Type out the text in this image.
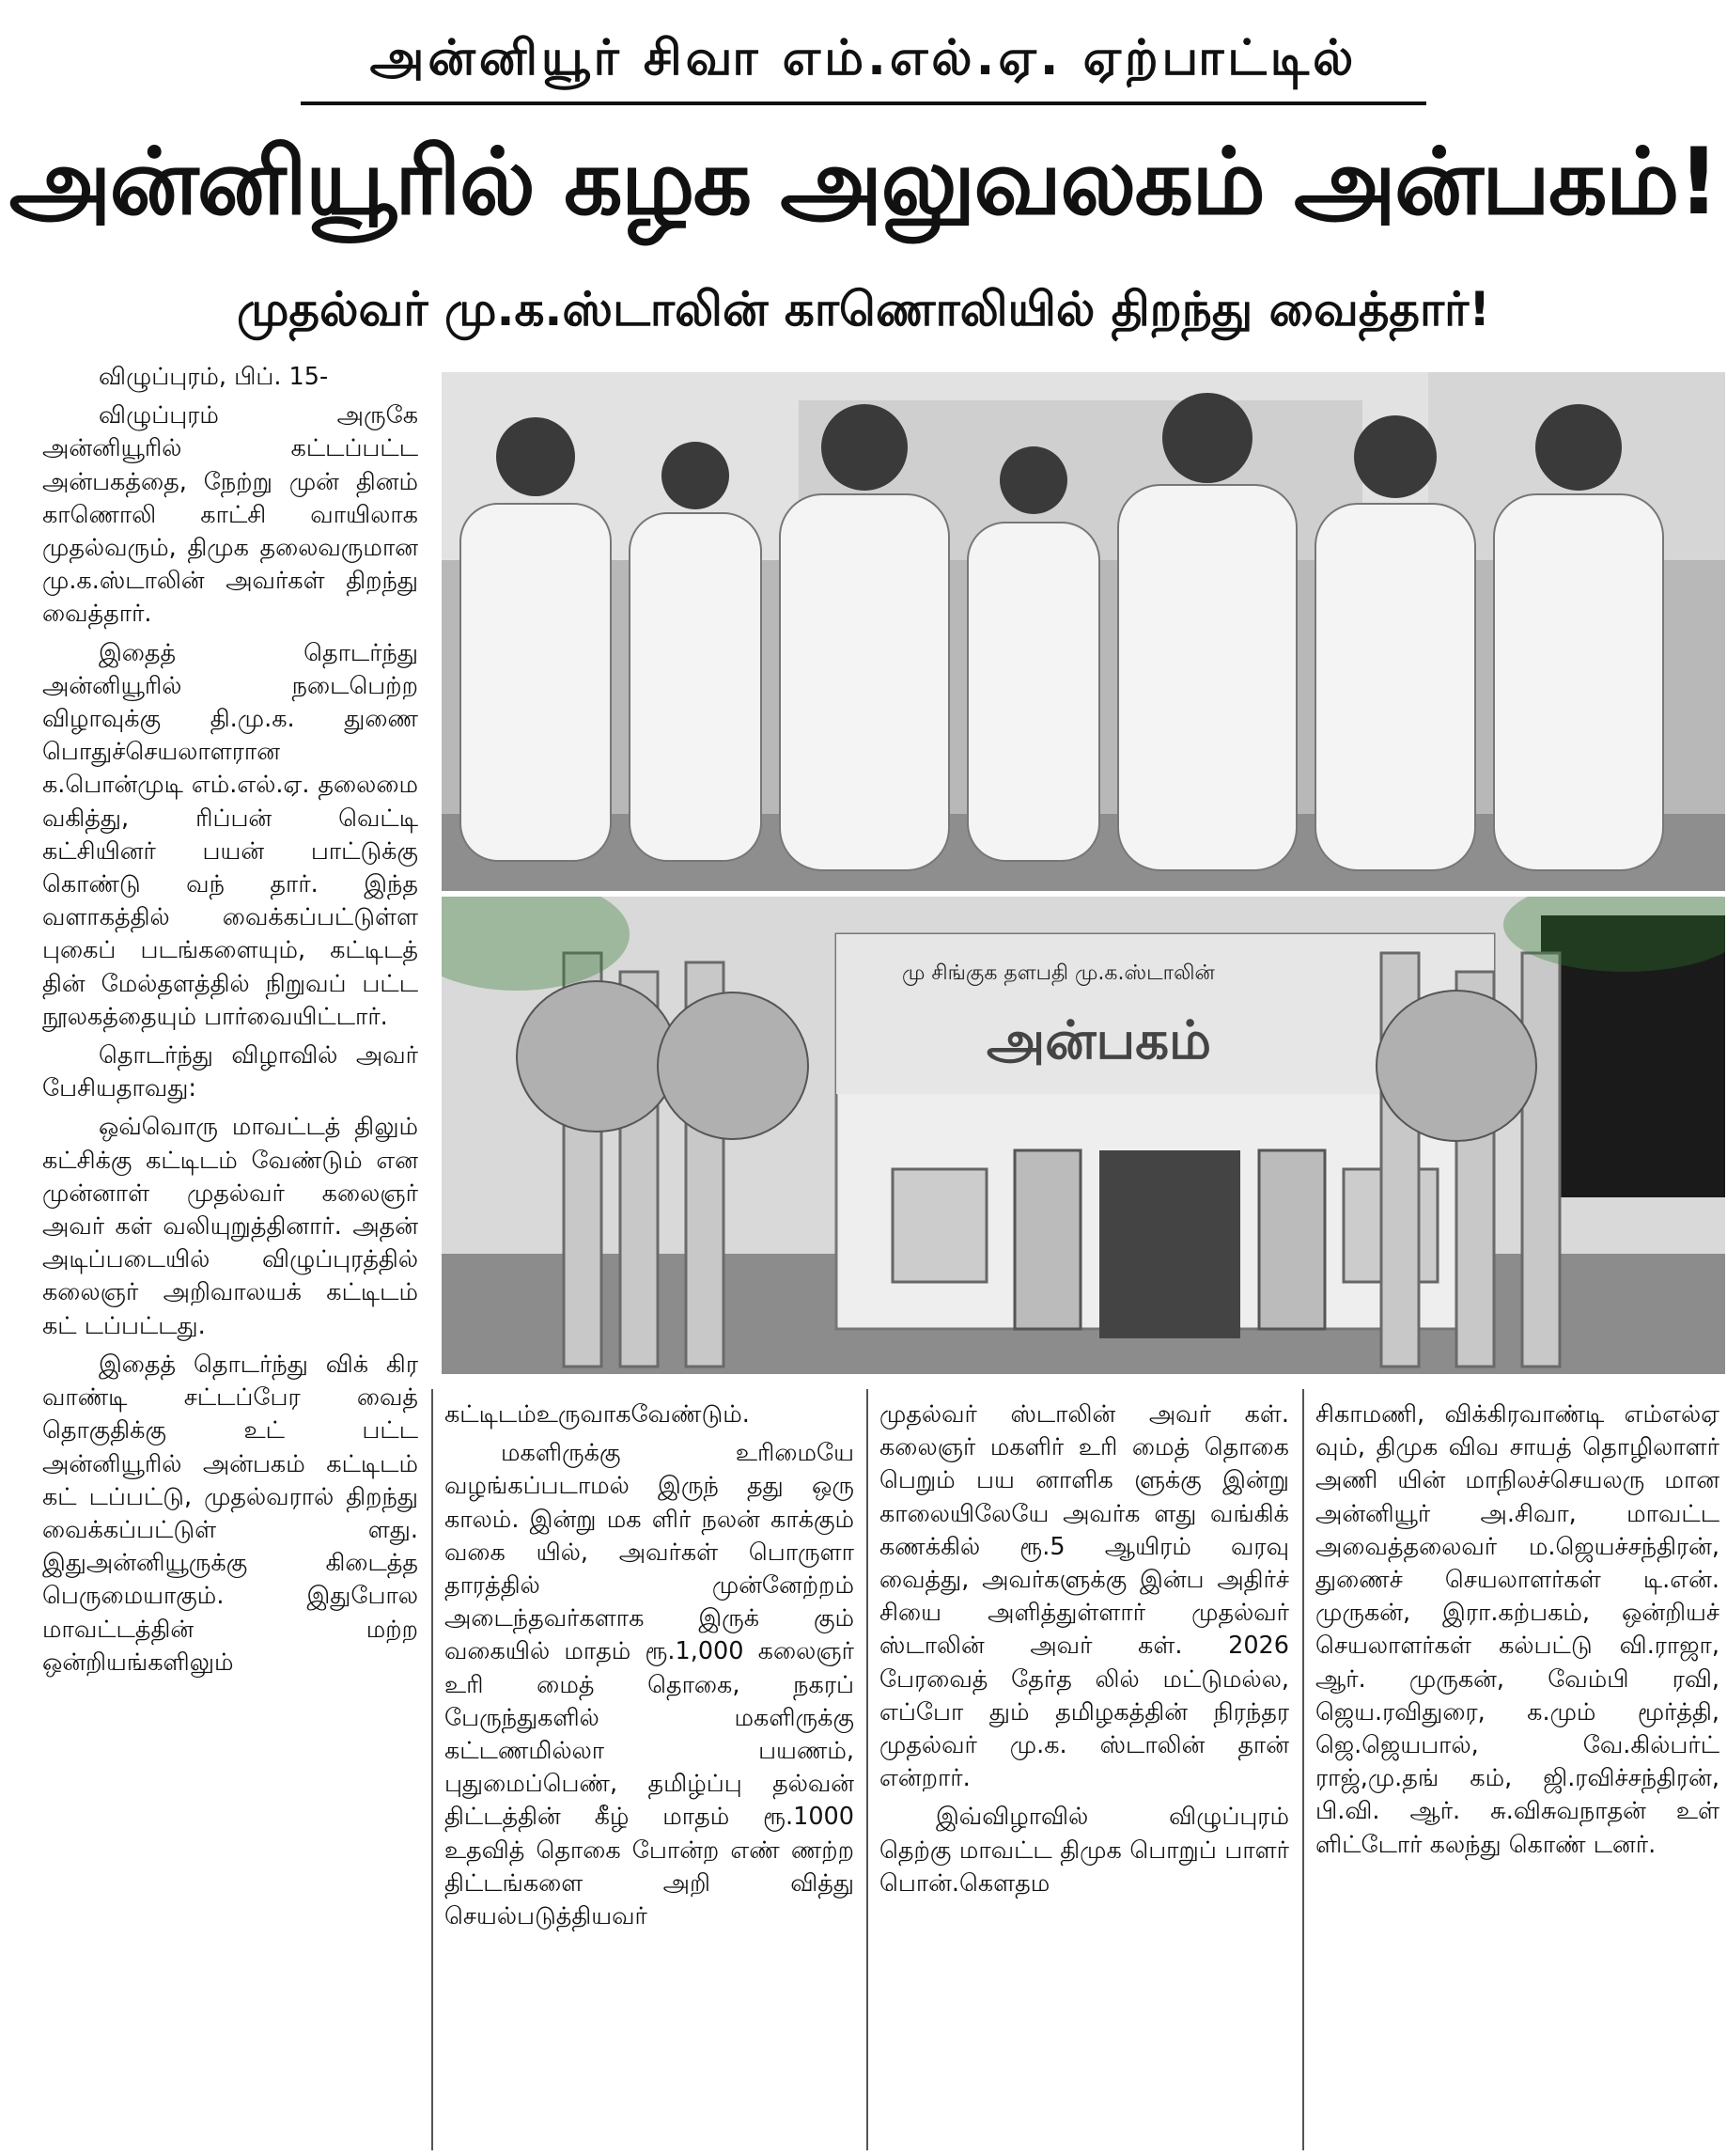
அன்னியூர் சிவா எம்.எல்.ஏ. ஏற்பாட்டில்
அன்னியூரில் கழக அலுவலகம் அன்பகம்!
முதல்வர் மு.க.ஸ்டாலின் காணொலியில் திறந்து வைத்தார்!

விழுப்புரம், பிப். 15-

விழுப்புரம் அருகே அன்னியூரில் கட்டப்பட்ட அன்பகத்தை, நேற்று முன் தினம் காணொலி காட்சி வாயிலாக முதல்வரும், திமுக தலைவருமான மு.க.ஸ்டாலின் அவர்கள் திறந்து வைத்தார்.

இதைத் தொடர்ந்து அன்னியூரில் நடைபெற்ற விழாவுக்கு தி.மு.க. துணை பொதுச்செயலாளரான க.பொன்முடி எம்.எல்.ஏ. தலைமை வகித்து, ரிப்பன் வெட்டி கட்சியினர் பயன் பாட்டுக்கு கொண்டு வந் தார். இந்த வளாகத்தில் வைக்கப்பட்டுள்ள புகைப் படங்களையும், கட்டிடத் தின் மேல்தளத்தில் நிறுவப் பட்ட நூலகத்தையும் பார்வையிட்டார்.

தொடர்ந்து விழாவில் அவர் பேசியதாவது:

ஒவ்வொரு மாவட்டத் திலும் கட்சிக்கு கட்டிடம் வேண்டும் என முன்னாள் முதல்வர் கலைஞர் அவர் கள் வலியுறுத்தினார். அதன் அடிப்படையில் விழுப்புரத்தில் கலைஞர் அறிவாலயக் கட்டிடம் கட் டப்பட்டது.

இதைத் தொடர்ந்து விக் கிர வாண்டி சட்டப்பேர வைத் தொகுதிக்கு உட் பட்ட அன்னியூரில் அன்பகம் கட்டிடம் கட் டப்பட்டு, முதல்வரால் திறந்து வைக்கப்பட்டுள் ளது. இதுஅன்னியூருக்கு கிடைத்த பெருமையாகும். இதுபோல மாவட்டத்தின் மற்ற ஒன்றியங்களிலும்

மு சிங்குக தளபதி மு.க.ஸ்டாலின்
அன்பகம்

கட்டிடம்உருவாகவேண்டும்.

மகளிருக்கு உரிமையே வழங்கப்படாமல் இருந் தது ஒரு காலம். இன்று மக ளிர் நலன் காக்கும் வகை யில், அவர்கள் பொருளா தாரத்தில் முன்னேற்றம் அடைந்தவர்களாக இருக் கும் வகையில் மாதம் ரூ.1,000 கலைஞர் உரி மைத் தொகை, நகரப் பேருந்துகளில் மகளிருக்கு கட்டணமில்லா பயணம், புதுமைப்பெண், தமிழ்ப்பு தல்வன் திட்டத்தின் கீழ் மாதம் ரூ.1000 உதவித் தொகை போன்ற எண் ணற்ற திட்டங்களை அறி வித்து செயல்படுத்தியவர்

முதல்வர் ஸ்டாலின் அவர் கள். கலைஞர் மகளிர் உரி மைத் தொகை பெறும் பய னாளிக ளுக்கு இன்று காலையிலேயே அவர்க ளது வங்கிக் கணக்கில் ரூ.5 ஆயிரம் வரவு வைத்து, அவர்களுக்கு இன்ப அதிர்ச் சியை அளித்துள்ளார் முதல்வர் ஸ்டாலின் அவர் கள். 2026 பேரவைத் தேர்த லில் மட்டுமல்ல, எப்போ தும் தமிழகத்தின் நிரந்தர முதல்வர் மு.க. ஸ்டாலின் தான் என்றார்.

இவ்விழாவில் விழுப்புரம் தெற்கு மாவட்ட திமுக பொறுப் பாளர் பொன்.கௌதம

சிகாமணி, விக்கிரவாண்டி எம்எல்ஏ வும், திமுக விவ சாயத் தொழிலாளர் அணி யின் மாநிலச்செயலரு மான அன்னியூர் அ.சிவா, மாவட்ட அவைத்தலைவர் ம.ஜெயச்சந்திரன், துணைச் செயலாளர்கள் டி.என். முருகன், இரா.கற்பகம், ஒன்றியச் செயலாளர்கள் கல்பட்டு வி.ராஜா, ஆர். முருகன், வேம்பி ரவி, ஜெய.ரவிதுரை, க.மும் மூர்த்தி, ஜெ.ஜெயபால், வே.கில்பர்ட் ராஜ்,மு.தங் கம், ஜி.ரவிச்சந்திரன், பி.வி. ஆர். சு.விசுவநாதன் உள் ளிட்டோர் கலந்து கொண் டனர்.
